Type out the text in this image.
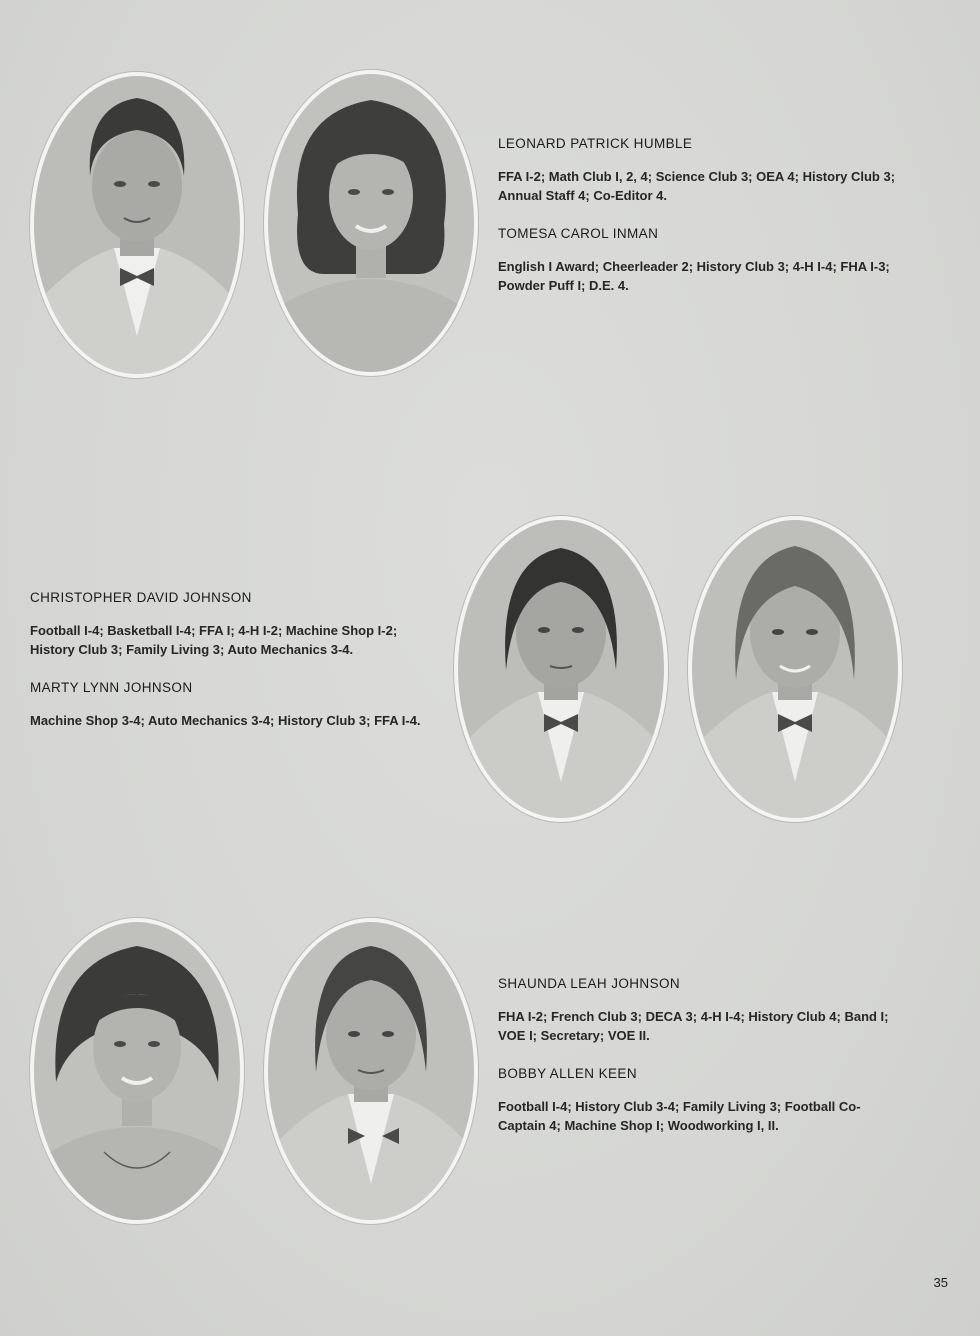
LEONARD PATRICK HUMBLE

FFA I-2; Math Club I, 2, 4; Science Club 3; OEA 4; History Club 3; Annual Staff 4; Co-Editor 4.

TOMESA CAROL INMAN

English I Award; Cheerleader 2; History Club 3; 4-H I-4; FHA I-3; Powder Puff I; D.E. 4.

CHRISTOPHER DAVID JOHNSON

Football I-4; Basketball I-4; FFA I; 4-H I-2; Machine Shop I-2; History Club 3; Family Living 3; Auto Mechanics 3-4.

MARTY LYNN JOHNSON

Machine Shop 3-4; Auto Mechanics 3-4; History Club 3; FFA I-4.

SHAUNDA LEAH JOHNSON

FHA I-2; French Club 3; DECA 3; 4-H I-4; History Club 4; Band I; VOE I; Secretary; VOE II.

BOBBY ALLEN KEEN

Football I-4; History Club 3-4; Family Living 3; Football Co-Captain 4; Machine Shop I; Woodworking I, II.

35
